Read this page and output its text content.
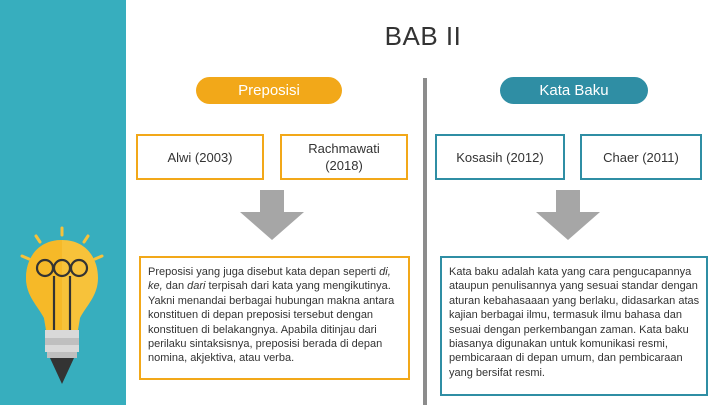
BAB II
Preposisi	Kata Baku
Alwi (2003)
Rachmawati (2018)
Kosasih (2012)	Chaer (2011)
Preposisi yang juga disebut kata depan seperti di, ke, dan dari terpisah dari kata yang mengikutinya. Yakni menandai berbagai hubungan makna antara konstituen di depan preposisi tersebut dengan konstituen di belakangnya. Apabila ditinjau dari perilaku sintaksisnya, preposisi berada di depan nomina, akjektiva, atau verba.
Kata baku adalah kata yang cara pengucapannya ataupun penulisannya yang sesuai standar dengan aturan kebahasaaan yang berlaku, didasarkan atas kajian berbagai ilmu, termasuk ilmu bahasa dan sesuai dengan perkembangan zaman. Kata baku biasanya digunakan untuk komunikasi resmi, pembicaraan di depan umum, dan pembicaraan yang bersifat resmi.
